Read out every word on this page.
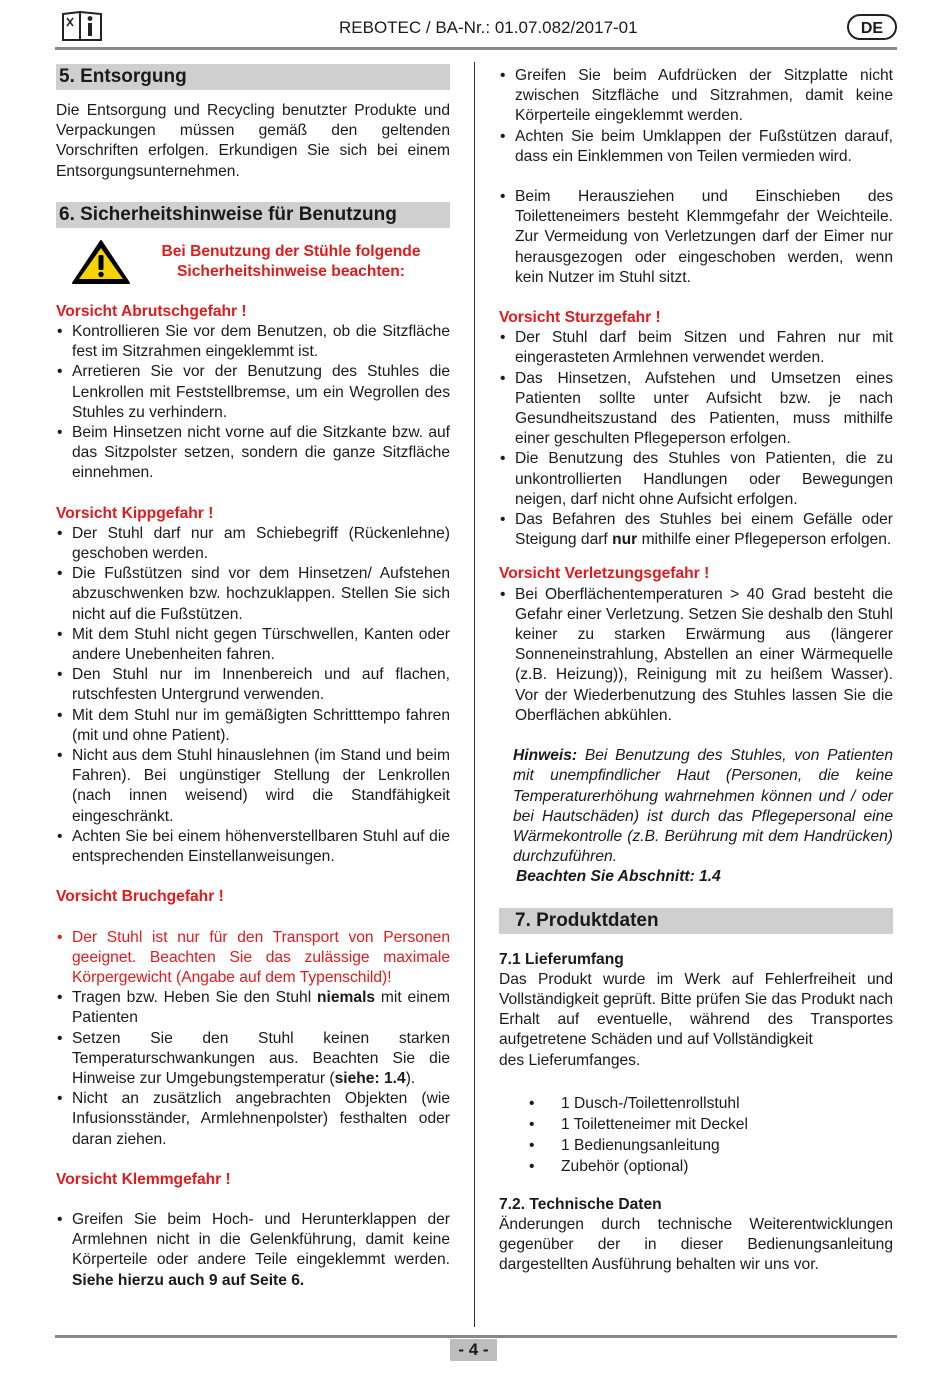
REBOTEC / BA-Nr.: 01.07.082/2017-01	DE
5. Entsorgung

Die Entsorgung und Recycling benutzter Produkte und Verpackungen müssen gemäß den geltenden Vorschriften erfolgen. Erkundigen Sie sich bei einem Entsorgungsunternehmen.

6. Sicherheitshinweise für Benutzung
Bei Benutzung der Stühle folgende Sicherheitshinweise beachten:

Vorsicht Abrutschgefahr !

• Kontrollieren Sie vor dem Benutzen, ob die Sitzfläche fest im Sitzrahmen eingeklemmt ist.
• Arretieren Sie vor der Benutzung des Stuhles die Lenkrollen mit Feststellbremse, um ein Wegrollen des Stuhles zu verhindern.
• Beim Hinsetzen nicht vorne auf die Sitzkante bzw. auf das Sitzpolster setzen, sondern die ganze Sitzfläche einnehmen.

Vorsicht Kippgefahr !

• Der Stuhl darf nur am Schiebegriff (Rückenlehne) geschoben werden.
• Die Fußstützen sind vor dem Hinsetzen/ Aufstehen abzuschwenken bzw. hochzuklappen. Stellen Sie sich nicht auf die Fußstützen.
• Mit dem Stuhl nicht gegen Türschwellen, Kanten oder andere Unebenheiten fahren.
• Den Stuhl nur im Innenbereich und auf flachen, rutschfesten Untergrund verwenden.
• Mit dem Stuhl nur im gemäßigten Schritttempo fahren (mit und ohne Patient).
• Nicht aus dem Stuhl hinauslehnen (im Stand und beim Fahren). Bei ungünstiger Stellung der Lenkrollen (nach innen weisend) wird die Standfähigkeit eingeschränkt.
• Achten Sie bei einem höhenverstellbaren Stuhl auf die entsprechenden Einstellanweisungen.

Vorsicht Bruchgefahr !

• Der Stuhl ist nur für den Transport von Personen geeignet. Beachten Sie das zulässige maximale Körpergewicht (Angabe auf dem Typenschild)!
• Tragen bzw. Heben Sie den Stuhl niemals mit einem Patienten
• Setzen Sie den Stuhl keinen starken Temperaturschwankungen aus. Beachten Sie die Hinweise zur Umgebungstemperatur (siehe: 1.4).
• Nicht an zusätzlich angebrachten Objekten (wie Infusionsständer, Armlehnenpolster) festhalten oder daran ziehen.

Vorsicht Klemmgefahr !

• Greifen Sie beim Hoch- und Herunterklappen der Armlehnen nicht in die Gelenkführung, damit keine Körperteile oder andere Teile eingeklemmt werden. Siehe hierzu auch 9 auf Seite 6.
• Greifen Sie beim Aufdrücken der Sitzplatte nicht zwischen Sitzfläche und Sitzrahmen, damit keine Körperteile eingeklemmt werden.
• Achten Sie beim Umklappen der Fußstützen darauf, dass ein Einklemmen von Teilen vermieden wird.
• Beim Herausziehen und Einschieben des Toiletteneimers besteht Klemmgefahr der Weichteile. Zur Vermeidung von Verletzungen darf der Eimer nur herausgezogen oder eingeschoben werden, wenn kein Nutzer im Stuhl sitzt.

Vorsicht Sturzgefahr !

• Der Stuhl darf beim Sitzen und Fahren nur mit eingerasteten Armlehnen verwendet werden.
• Das Hinsetzen, Aufstehen und Umsetzen eines Patienten sollte unter Aufsicht bzw. je nach Gesundheitszustand des Patienten, muss mithilfe einer geschulten Pflegeperson erfolgen.
• Die Benutzung des Stuhles von Patienten, die zu unkontrollierten Handlungen oder Bewegungen neigen, darf nicht ohne Aufsicht erfolgen.
• Das Befahren des Stuhles bei einem Gefälle oder Steigung darf nur mithilfe einer Pflegeperson erfolgen.

Vorsicht Verletzungsgefahr !

• Bei Oberflächentemperaturen > 40 Grad besteht die Gefahr einer Verletzung. Setzen Sie deshalb den Stuhl keiner zu starken Erwärmung aus (längerer Sonneneinstrahlung, Abstellen an einer Wärmequelle (z.B. Heizung)), Reinigung mit zu heißem Wasser). Vor der Wiederbenutzung des Stuhles lassen Sie die Oberflächen abkühlen.

Hinweis: Bei Benutzung des Stuhles, von Patienten mit unempfindlicher Haut (Personen, die keine Temperaturerhöhung wahrnehmen können und / oder bei Hautschäden) ist durch das Pflegepersonal eine Wärmekontrolle (z.B. Berührung mit dem Handrücken) durchzuführen.

Beachten Sie Abschnitt: 1.4

7. Produktdaten

7.1 Lieferumfang

Das Produkt wurde im Werk auf Fehlerfreiheit und Vollständigkeit geprüft. Bitte prüfen Sie das Produkt nach Erhalt auf eventuelle, während des Transportes aufgetretene Schäden und auf Vollständigkeit

des Lieferumfanges.

• 1 Dusch-/Toilettenrollstuhl
• 1 Toiletteneimer mit Deckel
• 1 Bedienungsanleitung
• Zubehör (optional)

7.2. Technische Daten

Änderungen durch technische Weiterentwicklungen gegenüber der in dieser Bedienungsanleitung dargestellten Ausführung behalten wir uns vor.

- 4 -
